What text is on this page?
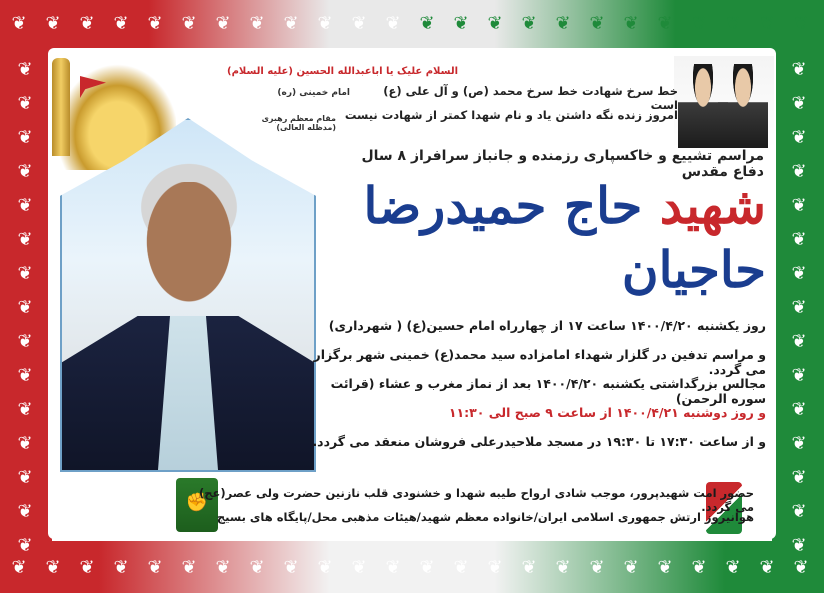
❦
❦
❦
❦
❦
❦
❦
❦
❦
❦
❦
❦
❦
❦
❦
❦
❦
❦
❦
❦
❦
❦
❦
❦
❦
❦
❦
❦
❦
❦
❦
❦
❦
❦
❦
❦
❦
❦
❦
❦
❦
❦
❦
❦
❦
❦
❦
❦
❦	❦
❦	❦
❦	❦
❦	❦
❦	❦
❦	❦
❦	❦
❦	❦
❦	❦
❦	❦
❦	❦
❦	❦
❦	❦
❦	❦
❦	❦
السلام علیک یا اباعبدالله الحسین (علیه السلام)
خط سرخ شهادت خط سرخ محمد (ص) و آل علی (ع) است
امام خمینی (ره)
امروز زنده نگه داشتن یاد و نام شهدا کمتر از شهادت نیست
مقام معظم رهبری (مدظله العالی)
مراسم تشییع و خاکسپاری رزمنده و جانباز سرافراز ۸ سال دفاع مقدس
شهید حاج حمیدرضا حاجیان
روز یکشنبه ۱۴۰۰/۴/۲۰ ساعت ۱۷ از چهارراه امام حسین(ع) ( شهرداری)
و مراسم تدفین در گلزار شهداء امامزاده سید محمد(ع) خمینی شهر برگزار می گردد.
مجالس بزرگداشتی یکشنبه ۱۴۰۰/۴/۲۰ بعد از نماز مغرب و عشاء (قرائت سوره الرحمن)
و روز دوشنبه ۱۴۰۰/۴/۲۱ از ساعت ۹ صبح الی ۱۱:۳۰
و از ساعت ۱۷:۳۰ تا ۱۹:۳۰ در مسجد ملاحیدرعلی فروشان منعقد می گردد.
✊
حضور امت شهیدپرور، موجب شادی ارواح طیبه شهدا و خشنودی قلب نازنین حضرت ولی عصر(عج) می گردد.
هوانیروز ارتش جمهوری اسلامی ایران/خانواده معظم شهید/هیئات مذهبی محل/پایگاه های بسیج
